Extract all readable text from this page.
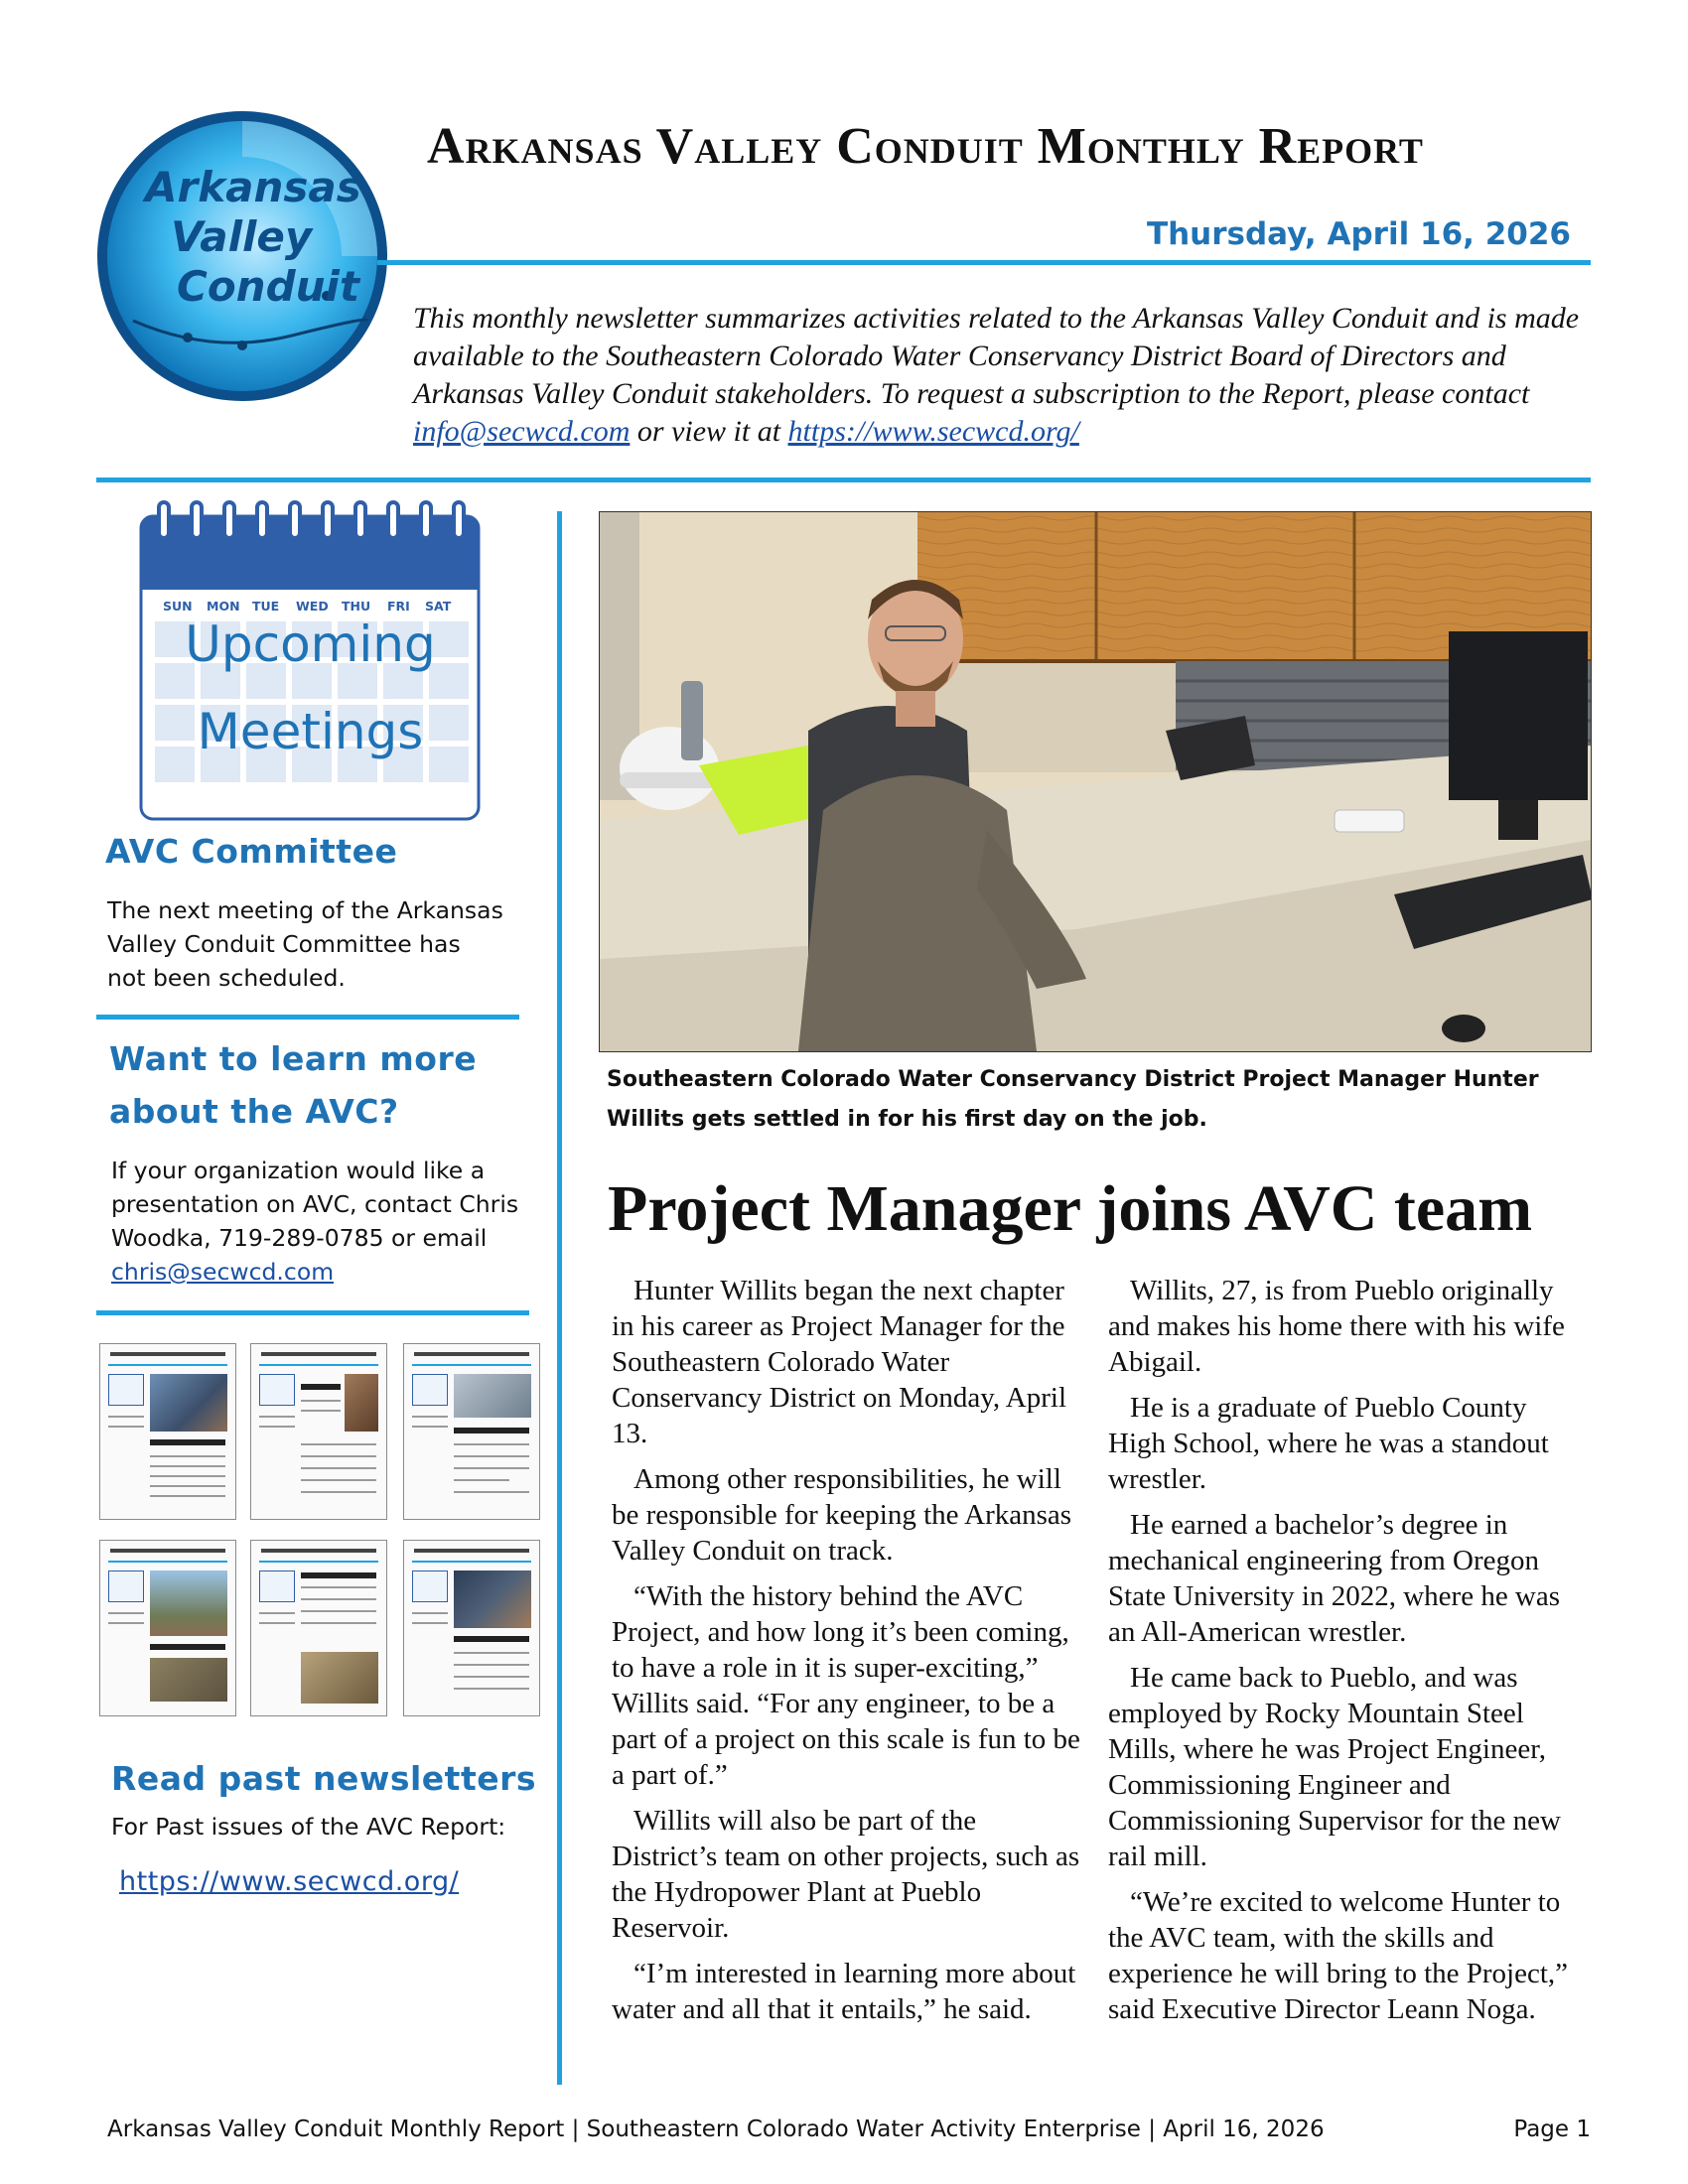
Arkansas
Valley
Conduit
Arkansas Valley Conduit Monthly Report
Thursday, April 16, 2026
This monthly newsletter summarizes activities related to the Arkansas Valley Conduit and is made available to the Southeastern Colorado Water Conservancy District Board of Directors and Arkansas Valley Conduit stakeholders. To request a subscription to the Report, please contact info@secwcd.com or view it at https://www.secwcd.org/
SUN MON TUE WED THU FRI SAT
Upcoming
Meetings
AVC Committee
The next meeting of the Arkansas Valley Conduit Committee has not been scheduled.
Want to learn more about the AVC?
If your organization would like a presentation on AVC, contact Chris Woodka, 719-289-0785 or email chris@secwcd.com
Read past newsletters
For Past issues of the AVC Report:
https://www.secwcd.org/
Southeastern Colorado Water Conservancy District Project Manager Hunter Willits gets settled in for his first day on the job.
Project Manager joins AVC team

Hunter Willits began the next chapter in his career as Project Manager for the Southeastern Colorado Water Conservancy District on Monday, April 13.

Among other responsibilities, he will be responsible for keeping the Arkansas Valley Conduit on track.

“With the history behind the AVC Project, and how long it’s been coming, to have a role in it is super-exciting,” Willits said. “For any engineer, to be a part of a project on this scale is fun to be a part of.”

Willits will also be part of the District’s team on other projects, such as the Hydropower Plant at Pueblo Reservoir.

“I’m interested in learning more about water and all that it entails,” he said.

Willits, 27, is from Pueblo originally and makes his home there with his wife Abigail.

He is a graduate of Pueblo County High School, where he was a standout wrestler.

He earned a bachelor’s degree in mechanical engineering from Oregon State University in 2022, where he was an All-American wrestler.

He came back to Pueblo, and was employed by Rocky Mountain Steel Mills, where he was Project Engineer, Commissioning Engineer and Commissioning Supervisor for the new rail mill.

“We’re excited to welcome Hunter to the AVC team, with the skills and experience he will bring to the Project,” said Executive Director Leann Noga.

Arkansas Valley Conduit Monthly Report | Southeastern Colorado Water Activity Enterprise | April 16, 2026	Page 1
